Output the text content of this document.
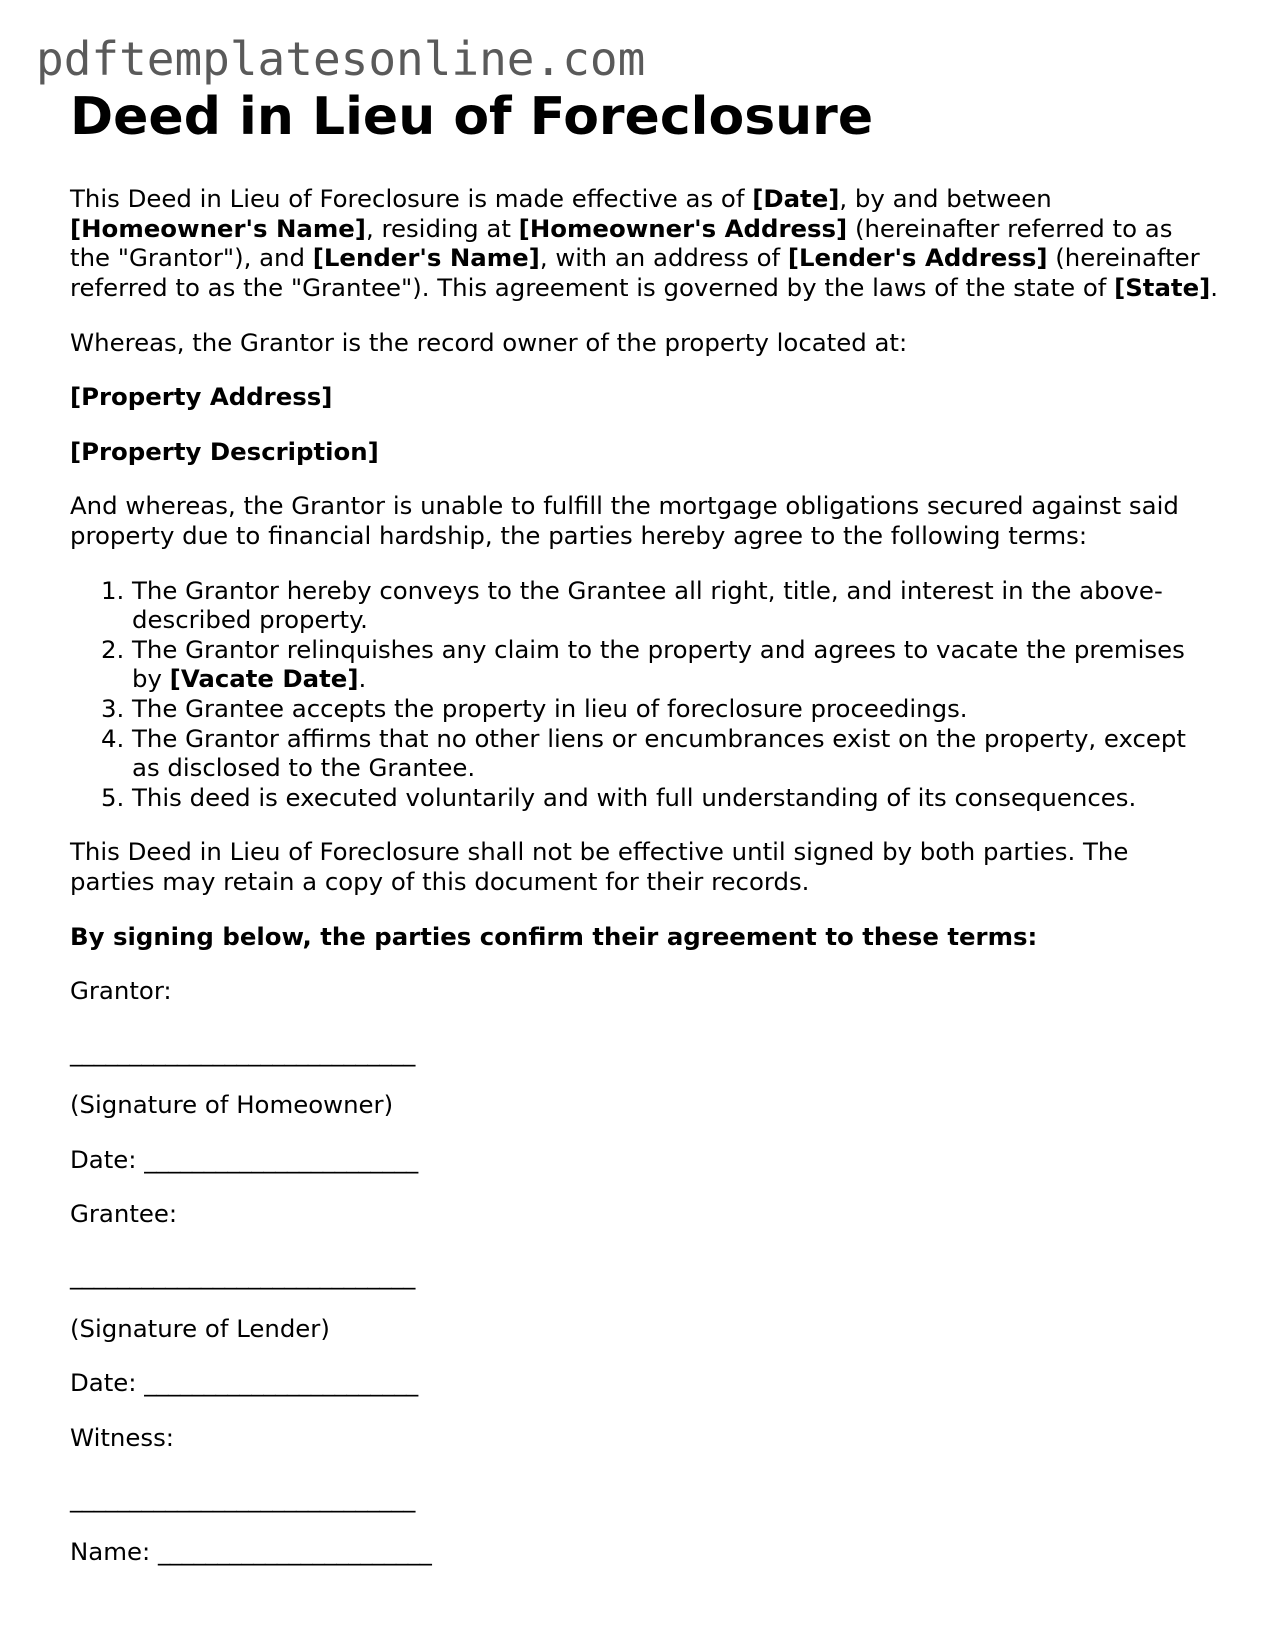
pdftemplatesonline.com
Deed in Lieu of Foreclosure

This Deed in Lieu of Foreclosure is made effective as of [Date], by and between [Homeowner's Name], residing at [Homeowner's Address] (hereinafter referred to as the "Grantor"), and [Lender's Name], with an address of [Lender's Address] (hereinafter referred to as the "Grantee"). This agreement is governed by the laws of the state of [State].

Whereas, the Grantor is the record owner of the property located at:

[Property Address]

[Property Description]

And whereas, the Grantor is unable to fulfill the mortgage obligations secured against said property due to financial hardship, the parties hereby agree to the following terms:

1. The Grantor hereby conveys to the Grantee all right, title, and interest in the above-described property.
2. The Grantor relinquishes any claim to the property and agrees to vacate the premises by [Vacate Date].
3. The Grantee accepts the property in lieu of foreclosure proceedings.
4. The Grantor affirms that no other liens or encumbrances exist on the property, except as disclosed to the Grantee.
5. This deed is executed voluntarily and with full understanding of its consequences.

This Deed in Lieu of Foreclosure shall not be effective until signed by both parties. The parties may retain a copy of this document for their records.

By signing below, the parties confirm their agreement to these terms:

Grantor:

_____________________________

(Signature of Homeowner)

Date: _______________________

Grantee:

_____________________________

(Signature of Lender)

Date: _______________________

Witness:

_____________________________

Name: _______________________
